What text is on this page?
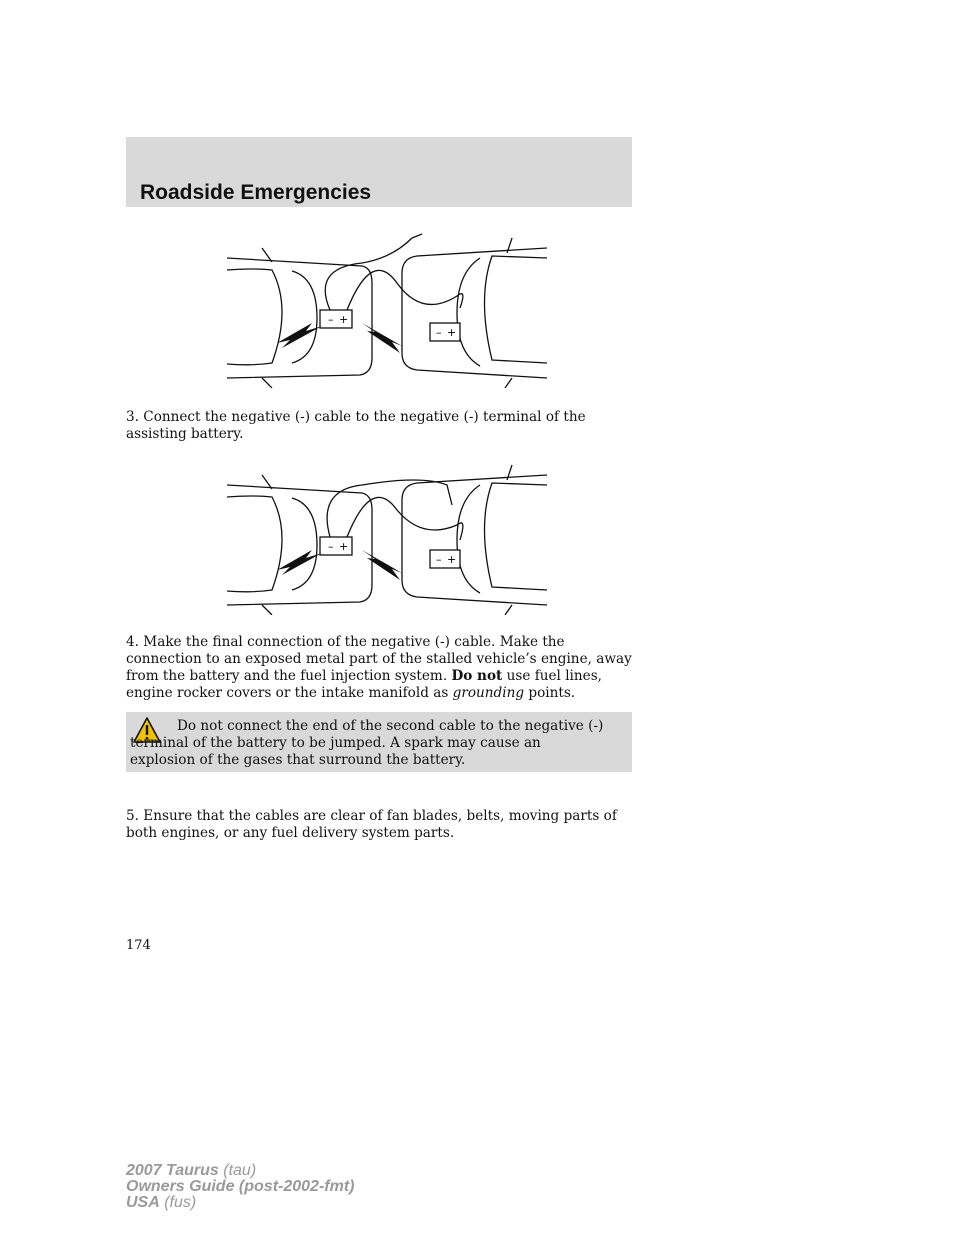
Roadside Emergencies
– +
– +
3. Connect the negative (-) cable to the negative (-) terminal of the assisting battery.
– +
– +
4. Make the final connection of the negative (-) cable. Make the connection to an exposed metal part of the stalled vehicle’s engine, away from the battery and the fuel injection system. Do not use fuel lines, engine rocker covers or the intake manifold as grounding points.
Do not connect the end of the second cable to the negative (-) terminal of the battery to be jumped. A spark may cause an explosion of the gases that surround the battery.
5. Ensure that the cables are clear of fan blades, belts, moving parts of both engines, or any fuel delivery system parts.
174
2007 Taurus (tau)
Owners Guide (post-2002-fmt)
USA (fus)
